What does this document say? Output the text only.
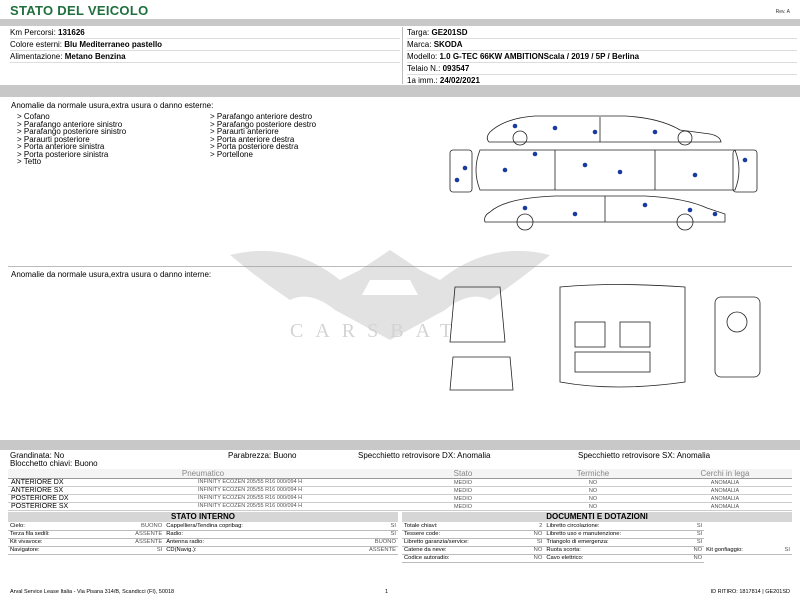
STATO DEL VEICOLO	Rev. A
Km Percorsi: 131626
Colore esterni: Blu Mediterraneo pastello
Alimentazione: Metano Benzina
Targa: GE201SD
Marca: SKODA
Modello: 1.0 G-TEC 66KW AMBITIONScala / 2019 / 5P / Berlina
Telaio N.: 093547
1a imm.: 24/02/2021
Anomalie da normale usura,extra usura o danno esterne:
> Cofano
> Parafango anteriore sinistro
> Parafango posteriore sinistro
> Paraurti posteriore
> Porta anteriore sinistra
> Porta posteriore sinistra
> Tetto
> Parafango anteriore destro
> Parafango posteriore destro
> Paraurti anteriore
> Porta anteriore destra
> Porta posteriore destra
> Portellone
Anomalie da normale usura,extra usura o danno interne:
CARSBAT
Grandinata: No	Parabrezza: Buono	Specchietto retrovisore DX: Anomalia	Specchietto retrovisore SX: Anomalia
Blocchetto chiavi: Buono
Pneumatico	Stato	Termiche	Cerchi in lega
ANTERIORE DX INFINITY ECOZEN 205/55 R16 000/094 H	MEDIO	NO	ANOMALIA
ANTERIORE SX INFINITY ECOZEN 205/55 R16 000/094 H	MEDIO	NO	ANOMALIA
POSTERIORE DX INFINITY ECOZEN 205/55 R16 000/094 H	MEDIO	NO	ANOMALIA
POSTERIORE SX INFINITY ECOZEN 205/55 R16 000/094 H	MEDIO	NO	ANOMALIA
STATO INTERNO
Cielo:	BUONO	Cappelliera/Tendina copribag:	SI
Terza fila sedili:	ASSENTE	Radio:	SI
Kit vivavoce:	ASSENTE	Antenna radio:	BUONO
Navigatore:	SI	CD(Navig.):	ASSENTE
DOCUMENTI E DOTAZIONI
Totale chiavi:	2	Libretto circolazione:	SI		
Tessere code:	NO	Libretto uso e manutenzione:	SI		
Libretto garanzia/service:	SI	Triangolo di emergenza:	SI		
Catene da neve:	NO	Ruota scorta:	NO	Kit gonfiaggio:	SI
Codice autoradio:	NO	Cavo elettrico:	NO		
Arval Service Lease Italia - Via Pisana 314/B, Scandicci (FI), 50018	1	ID RITIRO: 1817814 | GE201SD
